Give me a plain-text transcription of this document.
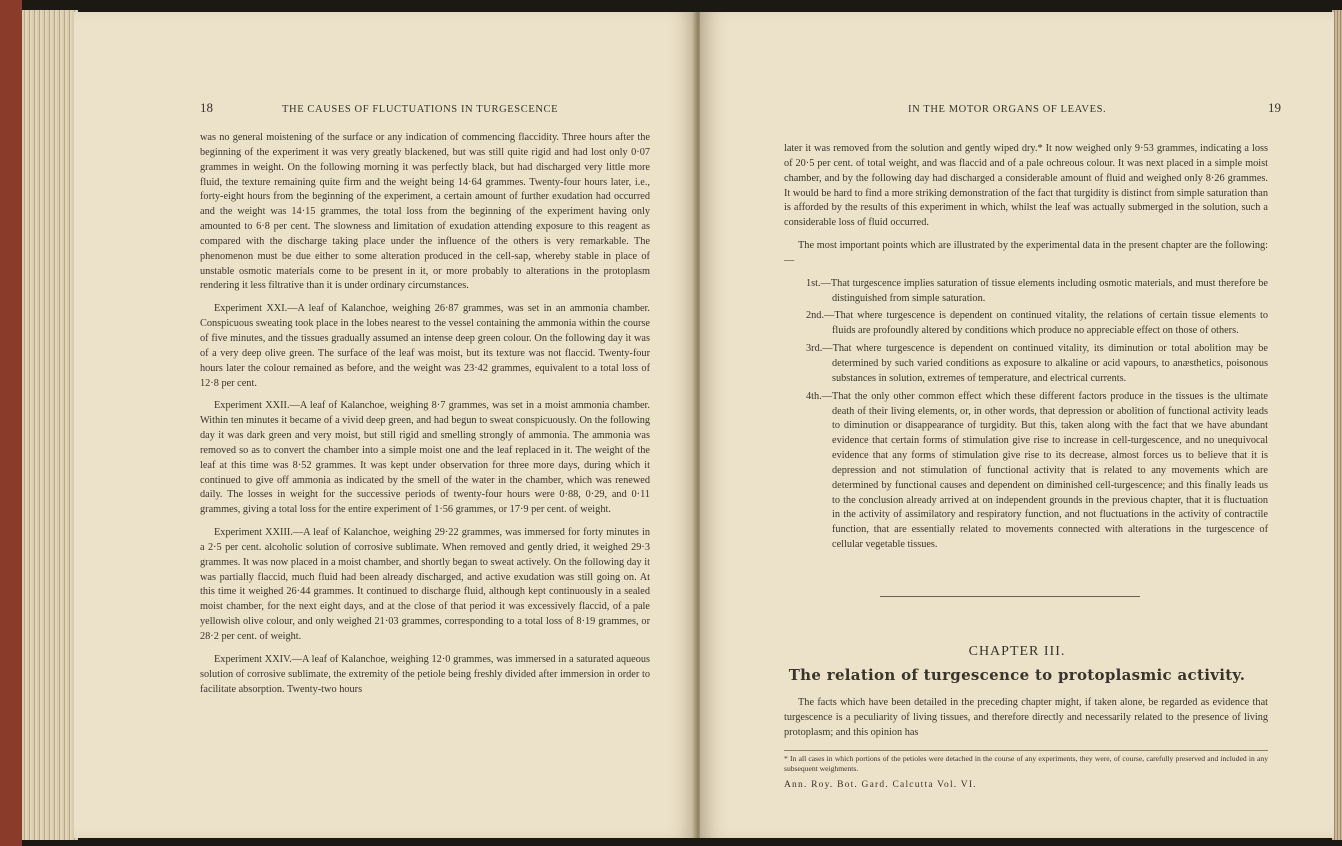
18	THE CAUSES OF FLUCTUATIONS IN TURGESCENCE

was no general moistening of the surface or any indication of commencing flaccidity. Three hours after the beginning of the experiment it was very greatly blackened, but was still quite rigid and had lost only 0·07 grammes in weight. On the following morning it was perfectly black, but had discharged very little more fluid, the texture remaining quite firm and the weight being 14·64 grammes. Twenty-four hours later, i.e., forty-eight hours from the beginning of the experiment, a certain amount of further exudation had occurred and the weight was 14·15 grammes, the total loss from the beginning of the experiment having only amounted to 6·8 per cent. The slowness and limitation of exudation attending exposure to this reagent as compared with the discharge taking place under the influence of the others is very remarkable. The phenomenon must be due either to some alteration produced in the cell-sap, whereby stable in place of unstable osmotic materials come to be present in it, or more probably to alterations in the protoplasm rendering it less filtrative than it is under ordinary circumstances.

Experiment XXI.—A leaf of Kalanchoe, weighing 26·87 grammes, was set in an ammonia chamber. Conspicuous sweating took place in the lobes nearest to the vessel containing the ammonia within the course of five minutes, and the tissues gradually assumed an intense deep green colour. On the following day it was of a very deep olive green. The surface of the leaf was moist, but its texture was not flaccid. Twenty-four hours later the colour remained as before, and the weight was 23·42 grammes, equivalent to a total loss of 12·8 per cent.

Experiment XXII.—A leaf of Kalanchoe, weighing 8·7 grammes, was set in a moist ammonia chamber. Within ten minutes it became of a vivid deep green, and had begun to sweat conspicuously. On the following day it was dark green and very moist, but still rigid and smelling strongly of ammonia. The ammonia was removed so as to convert the chamber into a simple moist one and the leaf replaced in it. The weight of the leaf at this time was 8·52 grammes. It was kept under observation for three more days, during which it continued to give off ammonia as indicated by the smell of the water in the chamber, which was renewed daily. The losses in weight for the successive periods of twenty-four hours were 0·88, 0·29, and 0·11 grammes, giving a total loss for the entire experiment of 1·56 grammes, or 17·9 per cent. of weight.

Experiment XXIII.—A leaf of Kalanchoe, weighing 29·22 grammes, was immersed for forty minutes in a 2·5 per cent. alcoholic solution of corrosive sublimate. When removed and gently dried, it weighed 29·3 grammes. It was now placed in a moist chamber, and shortly began to sweat actively. On the following day it was partially flaccid, much fluid had been already discharged, and active exudation was still going on. At this time it weighed 26·44 grammes. It continued to discharge fluid, although kept continuously in a sealed moist chamber, for the next eight days, and at the close of that period it was excessively flaccid, of a pale yellowish olive colour, and only weighed 21·03 grammes, corresponding to a total loss of 8·19 grammes, or 28·2 per cent. of weight.

Experiment XXIV.—A leaf of Kalanchoe, weighing 12·0 grammes, was immersed in a saturated aqueous solution of corrosive sublimate, the extremity of the petiole being freshly divided after immersion in order to facilitate absorption. Twenty-two hours

IN THE MOTOR ORGANS OF LEAVES.	19

later it was removed from the solution and gently wiped dry.* It now weighed only 9·53 grammes, indicating a loss of 20·5 per cent. of total weight, and was flaccid and of a pale ochreous colour. It was next placed in a simple moist chamber, and by the following day had discharged a considerable amount of fluid and weighed only 8·26 grammes. It would be hard to find a more striking demonstration of the fact that turgidity is distinct from simple saturation than is afforded by the results of this experiment in which, whilst the leaf was actually submerged in the solution, such a considerable loss of fluid occurred.

The most important points which are illustrated by the experimental data in the present chapter are the following:—

1st.—That turgescence implies saturation of tissue elements including osmotic materials, and must therefore be distinguished from simple saturation.
2nd.—That where turgescence is dependent on continued vitality, the relations of certain tissue elements to fluids are profoundly altered by conditions which produce no appreciable effect on those of others.
3rd.—That where turgescence is dependent on continued vitality, its diminution or total abolition may be determined by such varied conditions as exposure to alkaline or acid vapours, to anæsthetics, poisonous substances in solution, extremes of temperature, and electrical currents.
4th.—That the only other common effect which these different factors produce in the tissues is the ultimate death of their living elements, or, in other words, that depression or abolition of functional activity leads to diminution or disappearance of turgidity. But this, taken along with the fact that we have abundant evidence that certain forms of stimulation give rise to increase in cell-turgescence, and no unequivocal evidence that any forms of stimulation give rise to its decrease, almost forces us to believe that it is depression and not stimulation of functional activity that is related to any movements which are determined by functional causes and dependent on diminished cell-turgescence; and this finally leads us to the conclusion already arrived at on independent grounds in the previous chapter, that it is fluctuation in the activity of assimilatory and respiratory function, and not fluctuations in the activity of contractile function, that are essentially related to movements connected with alterations in the turgescence of cellular vegetable tissues.
CHAPTER III.
The relation of turgescence to protoplasmic activity.

The facts which have been detailed in the preceding chapter might, if taken alone, be regarded as evidence that turgescence is a peculiarity of living tissues, and therefore directly and necessarily related to the presence of living protoplasm; and this opinion has

* In all cases in which portions of the petioles were detached in the course of any experiments, they were, of course, carefully preserved and included in any subsequent weighments.
Ann. Roy. Bot. Gard. Calcutta Vol. VI.
